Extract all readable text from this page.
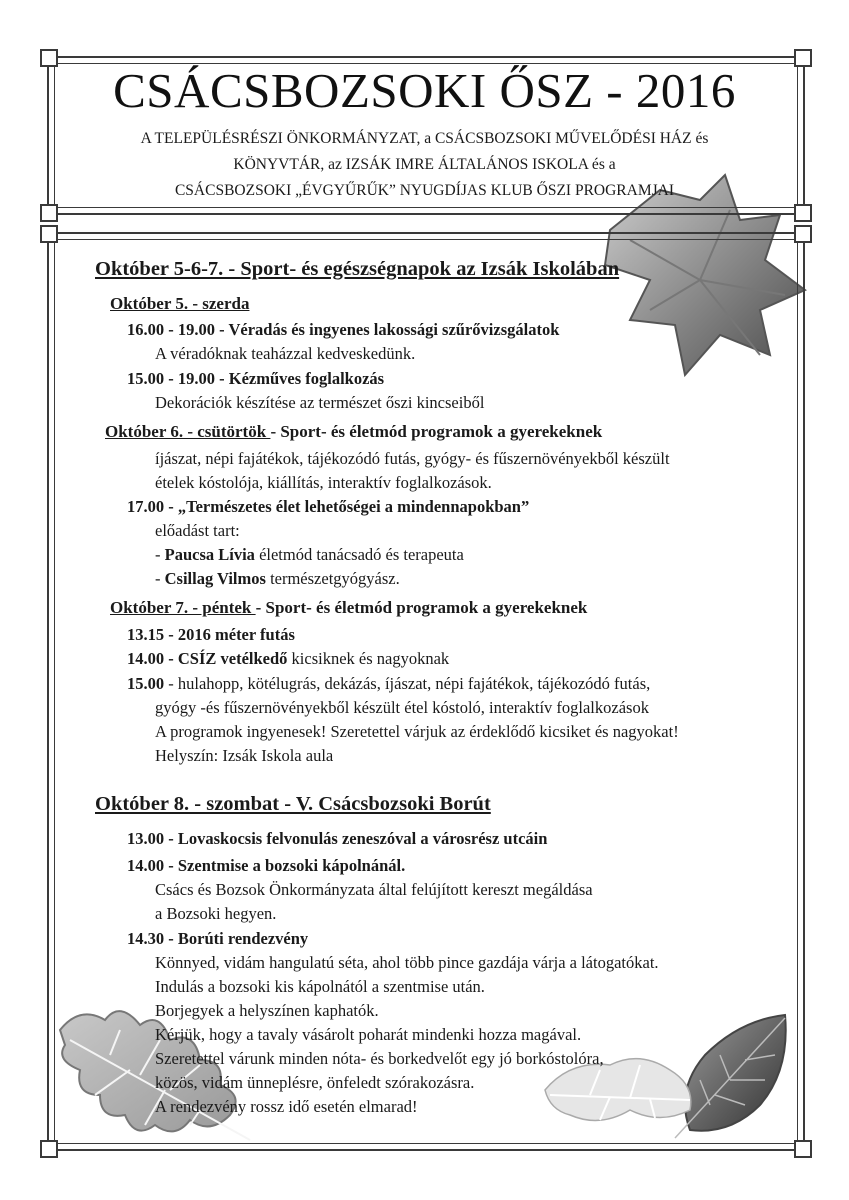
CSÁCSBOZSOKI ŐSZ - 2016
A TELEPÜLÉSRÉSZI ÖNKORMÁNYZAT, a CSÁCSBOZSOKI MŰVELŐDÉSI HÁZ és
KÖNYVTÁR, az IZSÁK IMRE ÁLTALÁNOS ISKOLA és a
CSÁCSBOZSOKI „ÉVGYŰRŰK” NYUGDÍJAS KLUB ŐSZI PROGRAMJAI
Október 5-6-7. - Sport- és egészségnapok az Izsák Iskolában
Október 5. - szerda
16.00 - 19.00 - Véradás és ingyenes lakossági szűrővizsgálatok
A véradóknak teaházzal kedveskedünk.
15.00 - 19.00 - Kézműves foglalkozás
Dekorációk készítése az természet őszi kincseiből
Október 6. - csütörtök - Sport- és életmód programok a gyerekeknek
íjászat, népi fajátékok, tájékozódó futás, gyógy- és fűszernövényekből készült
ételek kóstolója, kiállítás, interaktív foglalkozások.
17.00 - „Természetes élet lehetőségei a mindennapokban”
előadást tart:
- Paucsa Lívia életmód tanácsadó és terapeuta
- Csillag Vilmos természetgyógyász.
Október 7. - péntek - Sport- és életmód programok a gyerekeknek
13.15 - 2016 méter futás
14.00 - CSÍZ vetélkedő kicsiknek és nagyoknak
15.00 - hulahopp, kötélugrás, dekázás, íjászat, népi fajátékok, tájékozódó futás,
gyógy -és fűszernövényekből készült étel kóstoló, interaktív foglalkozások
A programok ingyenesek! Szeretettel várjuk az érdeklődő kicsiket és nagyokat!
Helyszín: Izsák Iskola aula
Október 8. - szombat - V. Csácsbozsoki Borút
13.00 - Lovaskocsis felvonulás zeneszóval a városrész utcáin
14.00 - Szentmise a bozsoki kápolnánál.
Csács és Bozsok Önkormányzata által felújított kereszt megáldása
a Bozsoki hegyen.
14.30 - Borúti rendezvény
Könnyed, vidám hangulatú séta, ahol több pince gazdája várja a látogatókat.
Indulás a bozsoki kis kápolnától a szentmise után.
Borjegyek a helyszínen kaphatók.
Kérjük, hogy a tavaly vásárolt poharát mindenki hozza magával.
Szeretettel várunk minden nóta- és borkedvelőt egy jó borkóstolóra,
közös, vidám ünneplésre, önfeledt szórakozásra.
A rendezvény rossz idő esetén elmarad!
